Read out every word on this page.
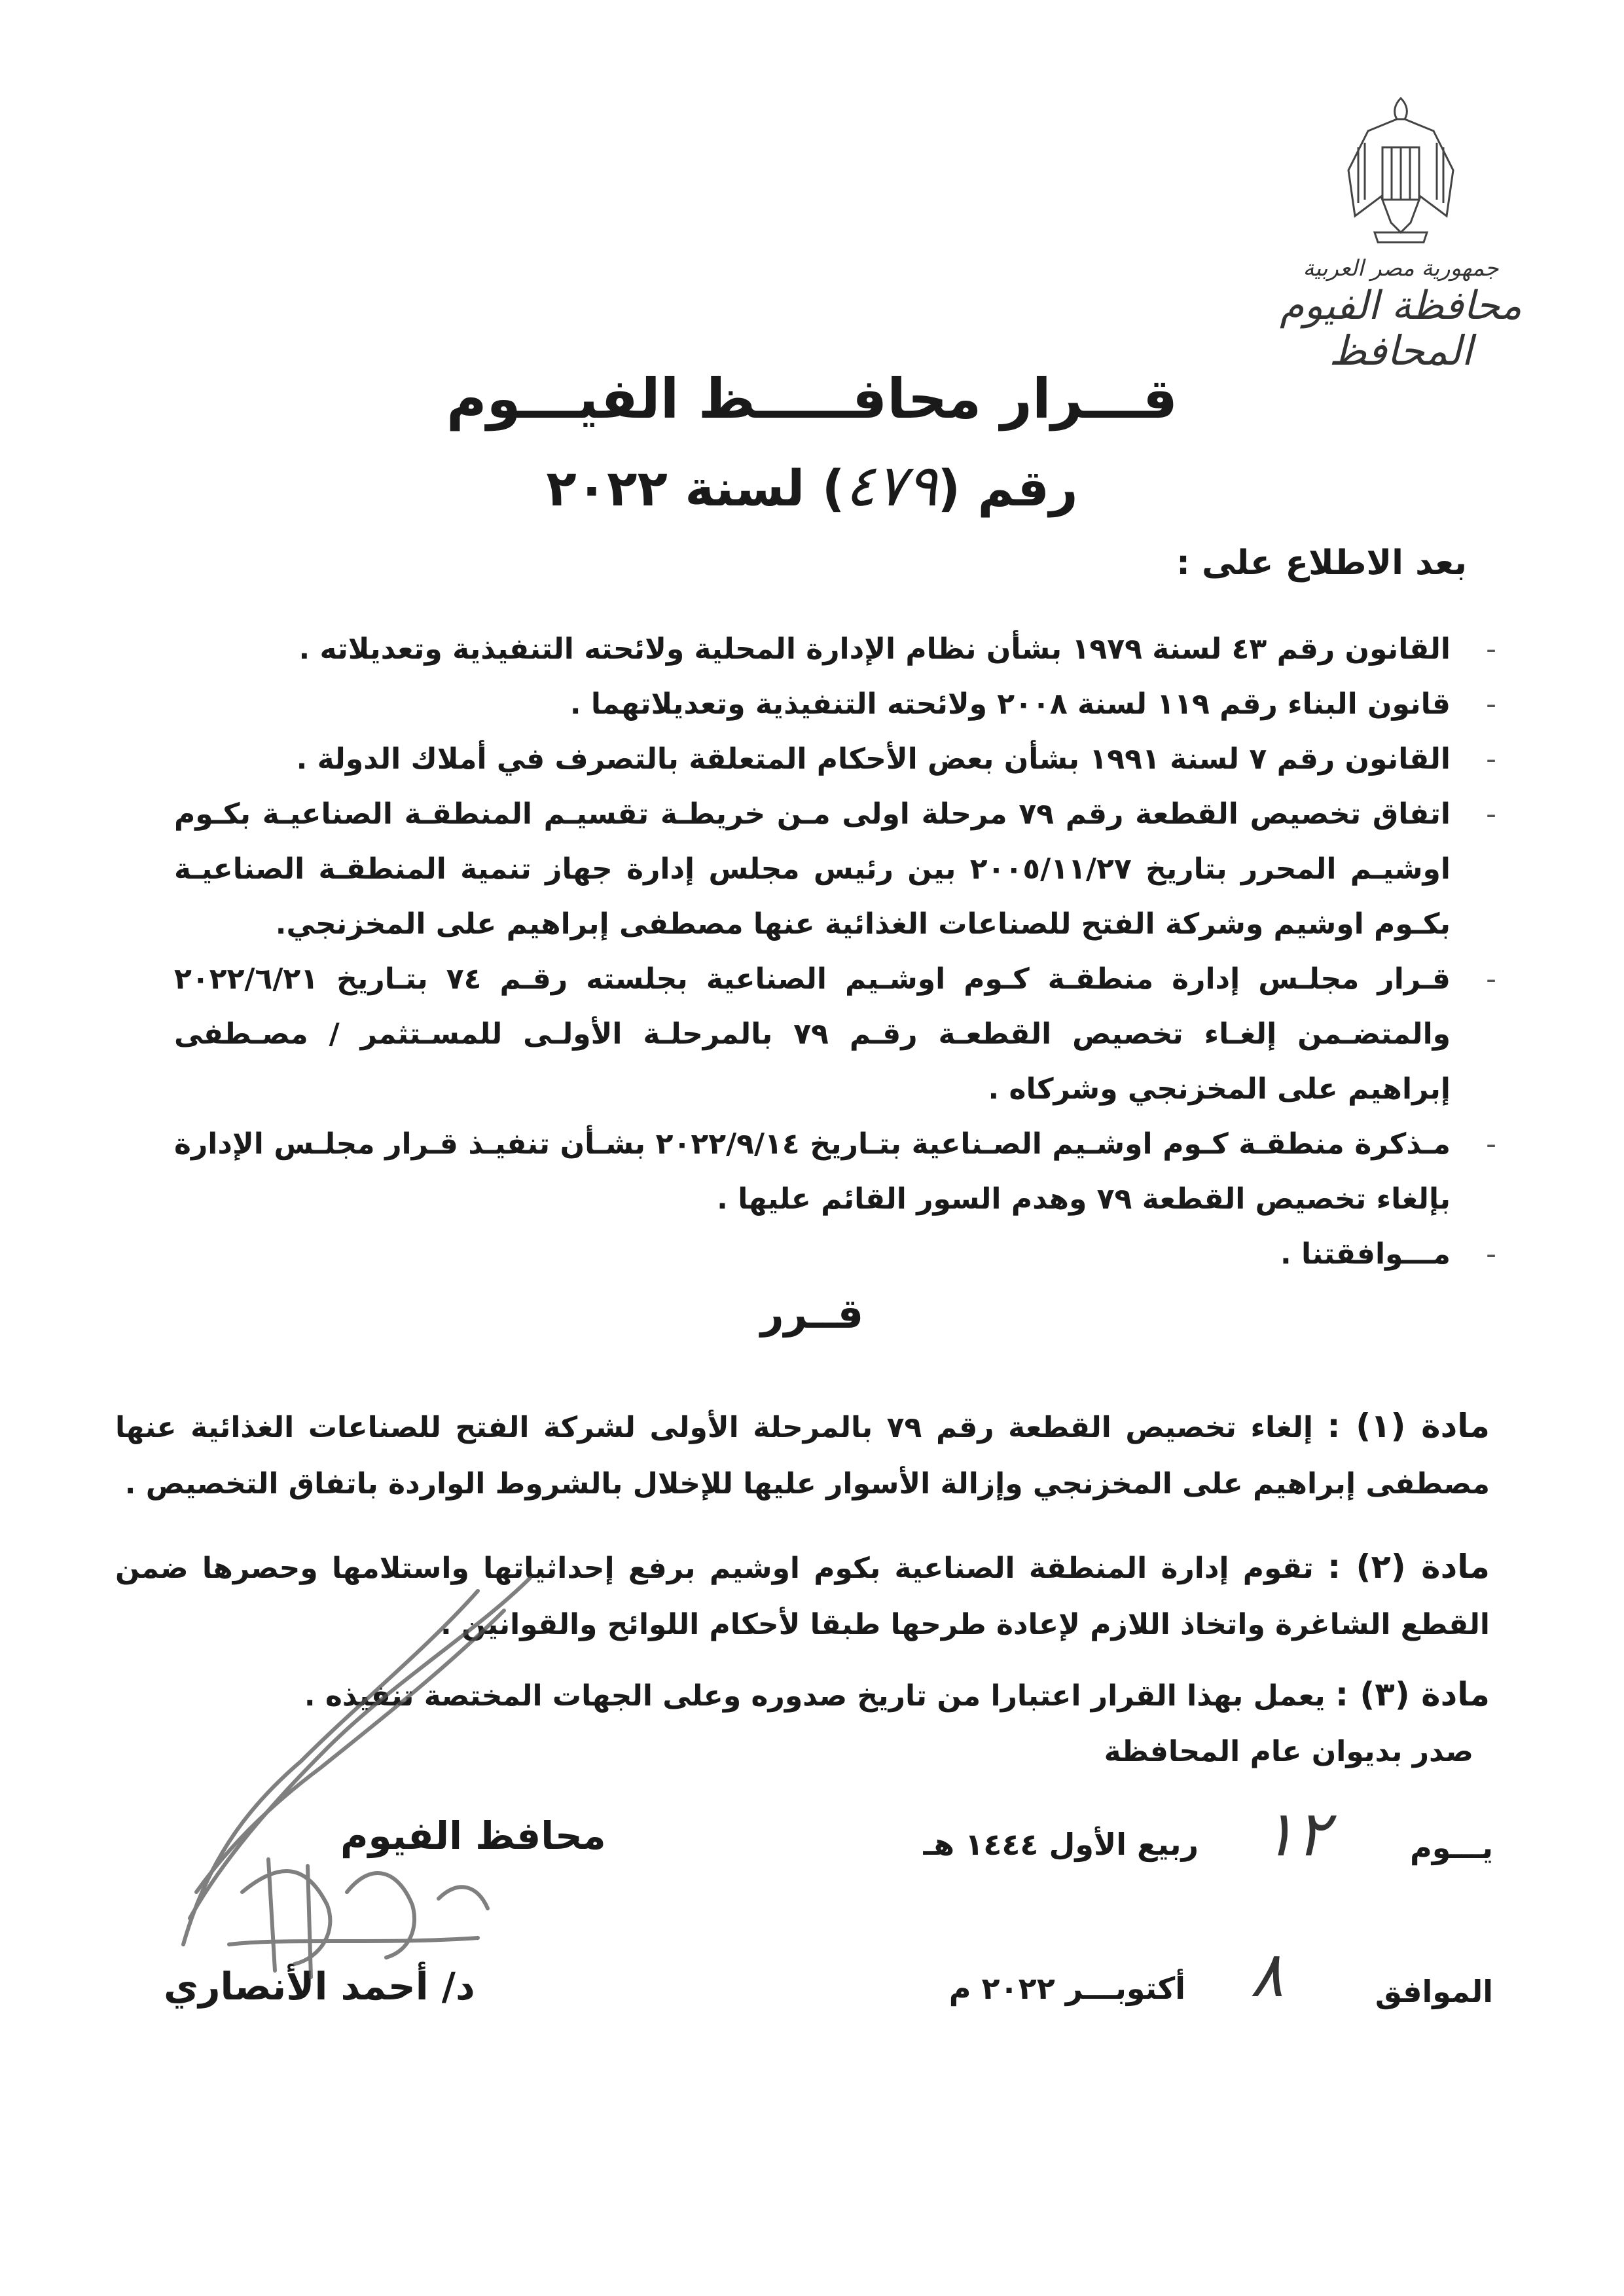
جمهورية مصر العربية
محافظة الفيوم
المحافظ
قـــرار محافـــــظ الفيـــوم
رقم (٤٧٩) لسنة ٢٠٢٢
بعد الاطلاع على :
-
القانون رقم ٤٣ لسنة ١٩٧٩ بشأن نظام الإدارة المحلية ولائحته التنفيذية وتعديلاته .
-
قانون البناء رقم ١١٩ لسنة ٢٠٠٨ ولائحته التنفيذية وتعديلاتهما .
-
القانون رقم ٧ لسنة ١٩٩١ بشأن بعض الأحكام المتعلقة بالتصرف في أملاك الدولة .
-
اتفاق تخصيص القطعة رقم ٧٩ مرحلة اولى مـن خريطـة تقسيـم المنطقـة الصناعيـة بكـوم اوشيـم المحرر بتاريخ ٢٠٠٥/١١/٢٧ بين رئيس مجلس إدارة جهاز تنمية المنطقـة الصناعيـة بكـوم اوشيم وشركة الفتح للصناعات الغذائية عنها مصطفى إبراهيم على المخزنجي.
-
قـرار مجلـس إدارة منطقـة كـوم اوشـيم الصناعية بجلسته رقـم ٧٤ بتـاريخ ٢٠٢٢/٦/٢١ والمتضـمن إلغـاء تخصيص القطعـة رقـم ٧٩ بالمرحلـة الأولـى للمسـتثمر / مصـطفى إبراهيم على المخزنجي وشركاه .
-
مـذكرة منطقـة كـوم اوشـيم الصـناعية بتـاريخ ٢٠٢٢/٩/١٤ بشـأن تنفيـذ قـرار مجلـس الإدارة بإلغاء تخصيص القطعة ٧٩ وهدم السور القائم عليها .
-
مـــوافقتنا .
قــرر
مادة (١) : إلغاء تخصيص القطعة رقم ٧٩ بالمرحلة الأولى لشركة الفتح للصناعات الغذائية عنها مصطفى إبراهيم على المخزنجي وإزالة الأسوار عليها للإخلال بالشروط الواردة باتفاق التخصيص .
مادة (٢) : تقوم إدارة المنطقة الصناعية بكوم اوشيم برفع إحداثياتها واستلامها وحصرها ضمن القطع الشاغرة واتخاذ اللازم لإعادة طرحها طبقا لأحكام اللوائح والقوانين .
مادة (٣) : يعمل بهذا القرار اعتبارا من تاريخ صدوره وعلى الجهات المختصة تنفيذه .
صدر بديوان عام المحافظة
يـــوم
١٢
ربيع الأول ١٤٤٤ هـ
الموافق
٨
أكتوبـــر ٢٠٢٢ م
محافظ الفيوم
د/ أحمد الأنصاري
